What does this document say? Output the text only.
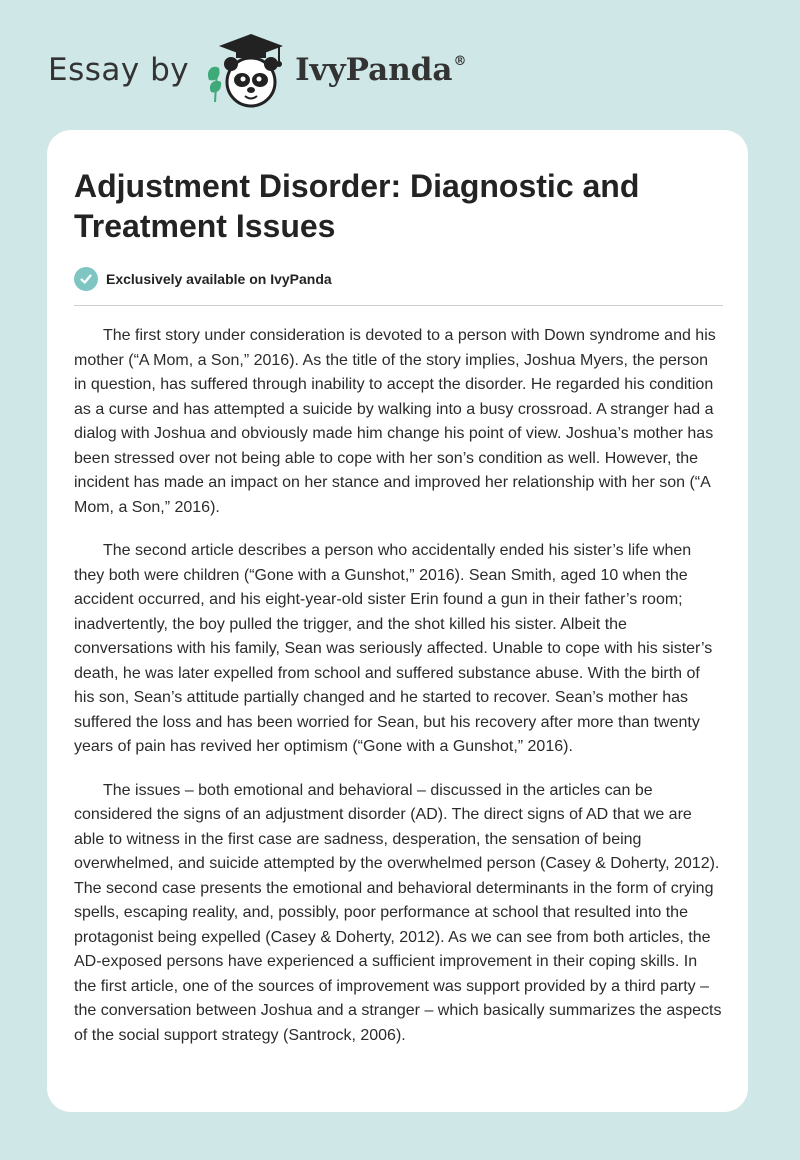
Essay by	IvyPanda®
Adjustment Disorder: Diagnostic and Treatment Issues
Exclusively available on IvyPanda

The first story under consideration is devoted to a person with Down syndrome and his mother (“A Mom, a Son,” 2016). As the title of the story implies, Joshua Myers, the person in question, has suffered through inability to accept the disorder. He regarded his condition as a curse and has attempted a suicide by walking into a busy crossroad. A stranger had a dialog with Joshua and obviously made him change his point of view. Joshua’s mother has been stressed over not being able to cope with her son’s condition as well. However, the incident has made an impact on her stance and improved her relationship with her son (“A Mom, a Son,” 2016).

The second article describes a person who accidentally ended his sister’s life when they both were children (“Gone with a Gunshot,” 2016). Sean Smith, aged 10 when the accident occurred, and his eight-year-old sister Erin found a gun in their father’s room; inadvertently, the boy pulled the trigger, and the shot killed his sister. Albeit the conversations with his family, Sean was seriously affected. Unable to cope with his sister’s death, he was later expelled from school and suffered substance abuse. With the birth of his son, Sean’s attitude partially changed and he started to recover. Sean’s mother has suffered the loss and has been worried for Sean, but his recovery after more than twenty years of pain has revived her optimism (“Gone with a Gunshot,” 2016).

The issues – both emotional and behavioral – discussed in the articles can be considered the signs of an adjustment disorder (AD). The direct signs of AD that we are able to witness in the first case are sadness, desperation, the sensation of being overwhelmed, and suicide attempted by the overwhelmed person (Casey & Doherty, 2012). The second case presents the emotional and behavioral determinants in the form of crying spells, escaping reality, and, possibly, poor performance at school that resulted into the protagonist being expelled (Casey & Doherty, 2012). As we can see from both articles, the AD-exposed persons have experienced a sufficient improvement in their coping skills. In the first article, one of the sources of improvement was support provided by a third party – the conversation between Joshua and a stranger – which basically summarizes the aspects of the social support strategy (Santrock, 2006).
